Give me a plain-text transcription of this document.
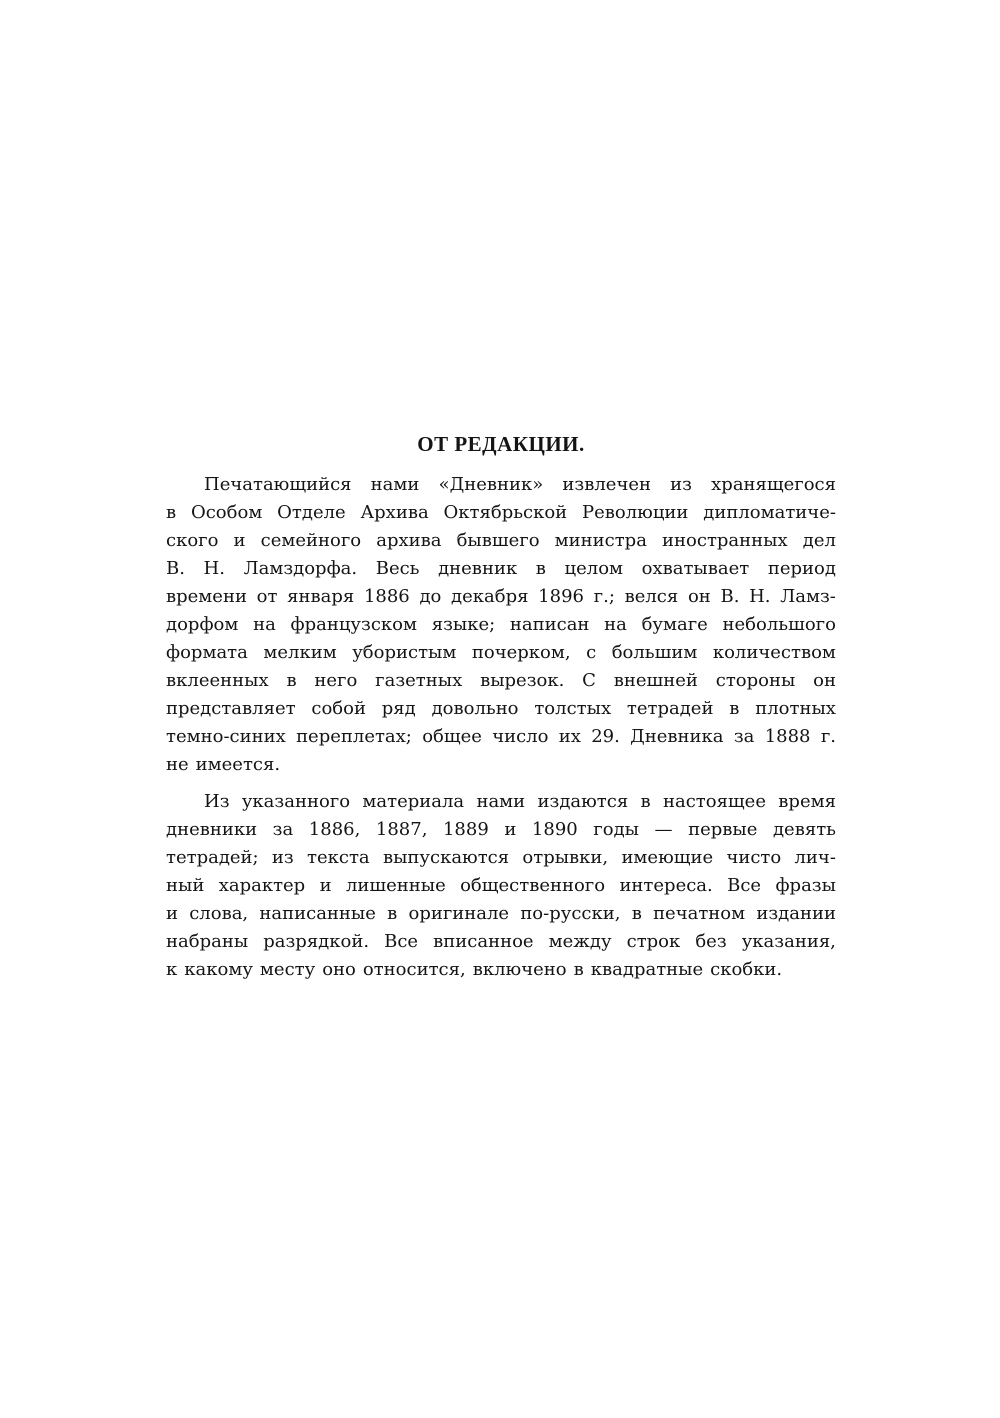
ОТ РЕДАКЦИИ.
Печатающийся нами «Дневник» извлечен из хранящегося
в Особом Отделе Архива Октябрьской Революции дипломатиче-
ского и семейного архива бывшего министра иностранных дел
В. Н. Ламздорфа. Весь дневник в целом охватывает период
времени от января 1886 до декабря 1896 г.; велся он В. Н. Ламз-
дорфом на французском языке; написан на бумаге небольшого
формата мелким убористым почерком, с большим количеством
вклеенных в него газетных вырезок. С внешней стороны он
представляет собой ряд довольно толстых тетрадей в плотных
темно-синих переплетах; общее число их 29. Дневника за 1888 г.
не имеется.
Из указанного материала нами издаются в настоящее время
дневники за 1886, 1887, 1889 и 1890 годы — первые девять
тетрадей; из текста выпускаются отрывки, имеющие чисто лич-
ный характер и лишенные общественного интереса. Все фразы
и слова, написанные в оригинале по-русски, в печатном издании
набраны разрядкой. Все вписанное между строк без указания,
к какому месту оно относится, включено в квадратные скобки.
